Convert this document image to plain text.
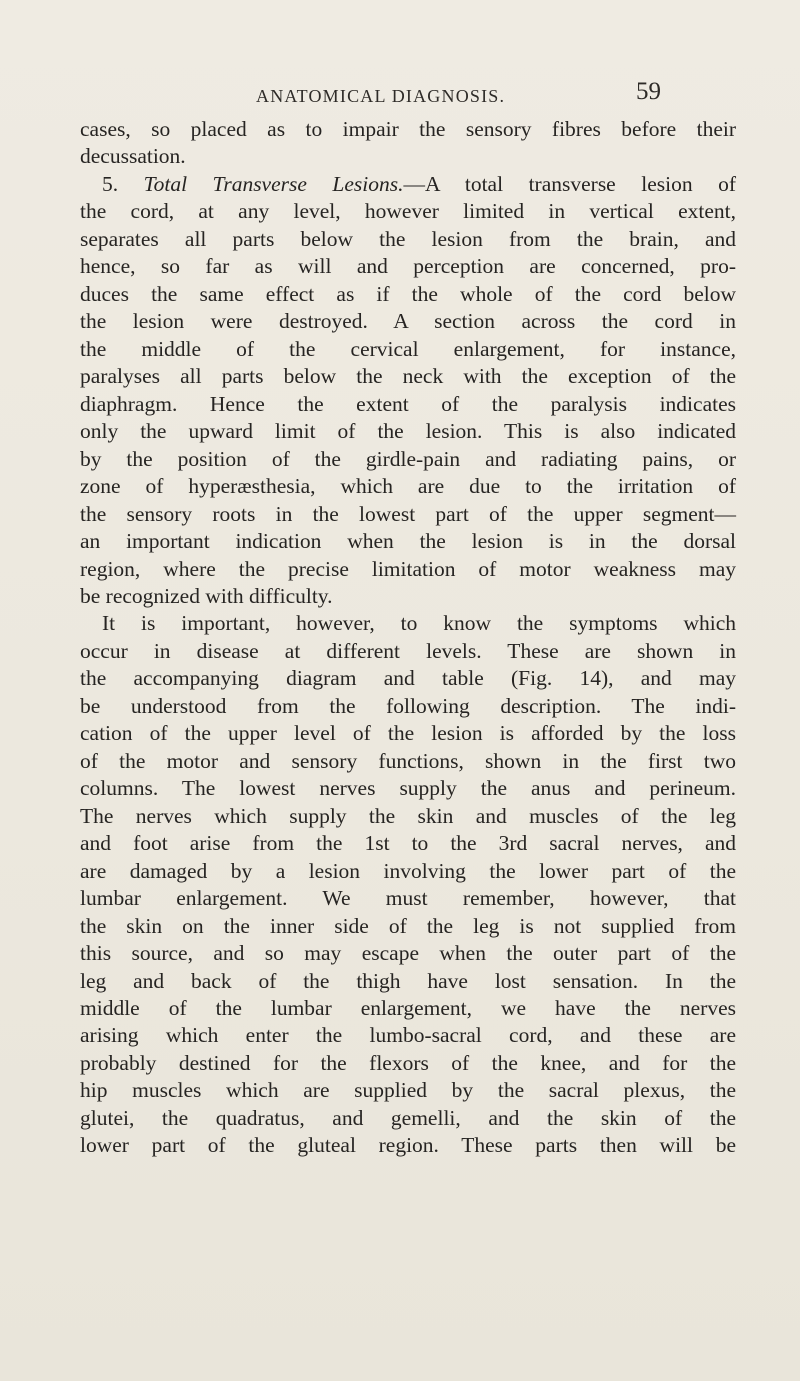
ANATOMICAL DIAGNOSIS.	59
cases, so placed as to impair the sensory fibres before their
decussation.
5. Total Transverse Lesions.—A total transverse lesion of
the cord, at any level, however limited in vertical extent,
separates all parts below the lesion from the brain, and
hence, so far as will and perception are concerned, pro-
duces the same effect as if the whole of the cord below
the lesion were destroyed. A section across the cord in
the middle of the cervical enlargement, for instance,
paralyses all parts below the neck with the exception of the
diaphragm. Hence the extent of the paralysis indicates
only the upward limit of the lesion. This is also indicated
by the position of the girdle-pain and radiating pains, or
zone of hyperæsthesia, which are due to the irritation of
the sensory roots in the lowest part of the upper segment—
an important indication when the lesion is in the dorsal
region, where the precise limitation of motor weakness may
be recognized with difficulty.
It is important, however, to know the symptoms which
occur in disease at different levels. These are shown in
the accompanying diagram and table (Fig. 14), and may
be understood from the following description. The indi-
cation of the upper level of the lesion is afforded by the loss
of the motor and sensory functions, shown in the first two
columns. The lowest nerves supply the anus and perineum.
The nerves which supply the skin and muscles of the leg
and foot arise from the 1st to the 3rd sacral nerves, and
are damaged by a lesion involving the lower part of the
lumbar enlargement. We must remember, however, that
the skin on the inner side of the leg is not supplied from
this source, and so may escape when the outer part of the
leg and back of the thigh have lost sensation. In the
middle of the lumbar enlargement, we have the nerves
arising which enter the lumbo-sacral cord, and these are
probably destined for the flexors of the knee, and for the
hip muscles which are supplied by the sacral plexus, the
glutei, the quadratus, and gemelli, and the skin of the
lower part of the gluteal region. These parts then will be
